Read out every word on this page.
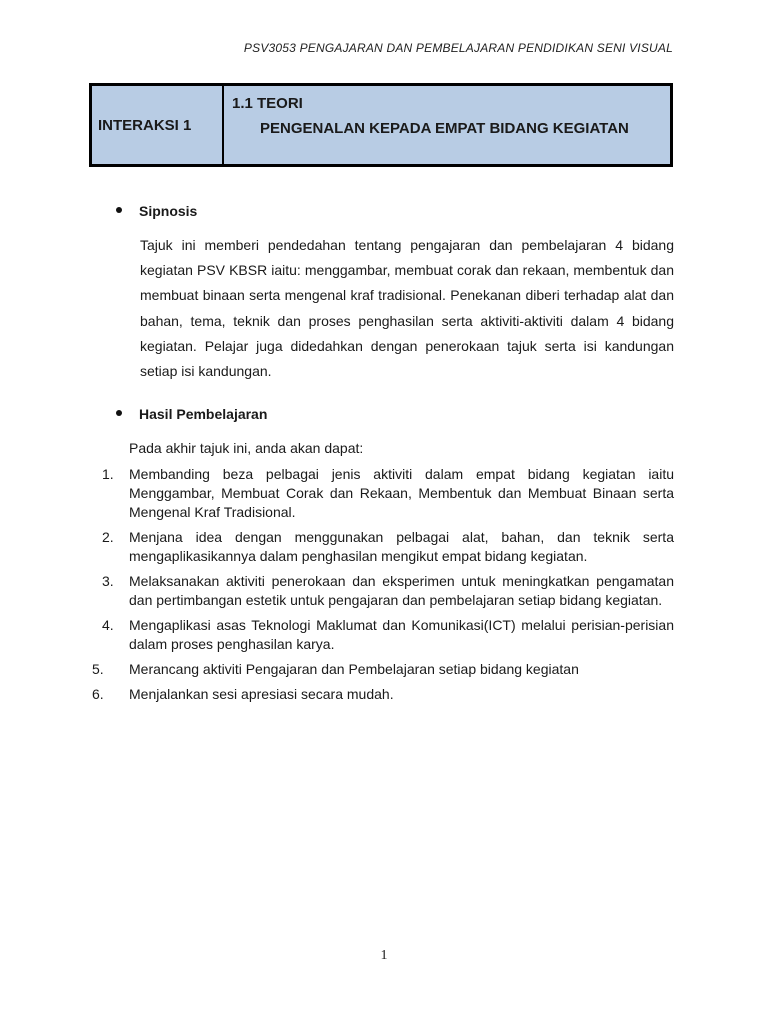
PSV3053 PENGAJARAN DAN PEMBELAJARAN PENDIDIKAN SENI VISUAL
INTERAKSI 1
1.1 TEORI
PENGENALAN KEPADA EMPAT BIDANG KEGIATAN
Sipnosis
Tajuk ini memberi pendedahan tentang pengajaran dan pembelajaran 4 bidang kegiatan PSV KBSR iaitu: menggambar, membuat corak dan rekaan, membentuk dan membuat binaan serta mengenal kraf tradisional. Penekanan diberi terhadap alat dan bahan, tema, teknik dan proses penghasilan serta aktiviti-aktiviti dalam 4 bidang kegiatan. Pelajar juga didedahkan dengan penerokaan tajuk serta isi kandungan setiap isi kandungan.
Hasil Pembelajaran
Pada akhir tajuk ini, anda akan dapat:
1.	Membanding beza pelbagai jenis aktiviti dalam empat bidang kegiatan iaitu Menggambar, Membuat Corak dan Rekaan, Membentuk dan Membuat Binaan serta Mengenal Kraf Tradisional.
2.	Menjana idea dengan menggunakan pelbagai alat, bahan, dan teknik serta mengaplikasikannya dalam penghasilan mengikut empat bidang kegiatan.
3.	Melaksanakan aktiviti penerokaan dan eksperimen untuk meningkatkan pengamatan dan pertimbangan estetik untuk pengajaran dan pembelajaran setiap bidang kegiatan.
4.	Mengaplikasi asas Teknologi Maklumat dan Komunikasi(ICT) melalui perisian-perisian dalam proses penghasilan karya.
5.	Merancang aktiviti Pengajaran dan Pembelajaran setiap bidang kegiatan
6.	Menjalankan sesi apresiasi secara mudah.
1
